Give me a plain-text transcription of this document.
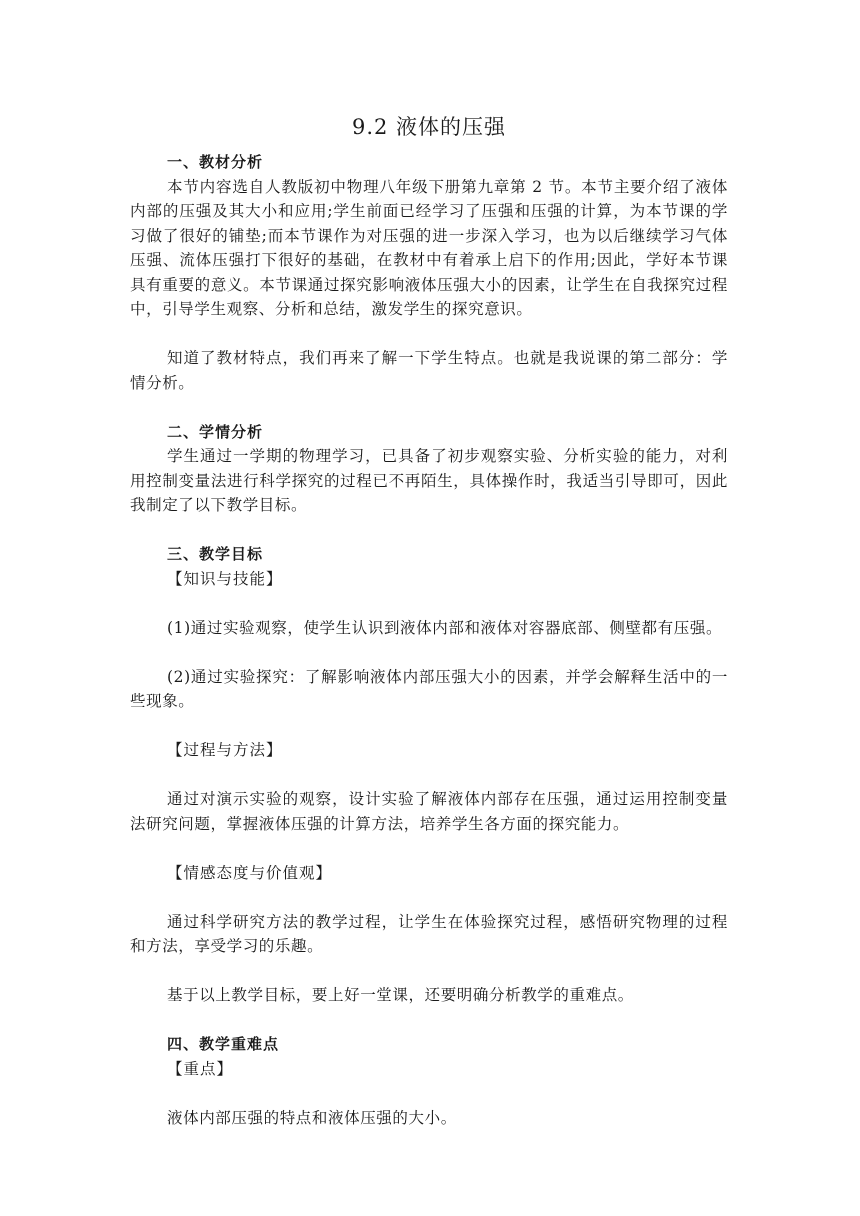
9.2 液体的压强

一、教材分析

本节内容选自人教版初中物理八年级下册第九章第 2 节。本节主要介绍了液体内部的压强及其大小和应用;学生前面已经学习了压强和压强的计算，为本节课的学习做了很好的铺垫;而本节课作为对压强的进一步深入学习，也为以后继续学习气体压强、流体压强打下很好的基础，在教材中有着承上启下的作用;因此，学好本节课具有重要的意义。本节课通过探究影响液体压强大小的因素，让学生在自我探究过程中，引导学生观察、分析和总结，激发学生的探究意识。

知道了教材特点，我们再来了解一下学生特点。也就是我说课的第二部分：学情分析。

二、学情分析

学生通过一学期的物理学习，已具备了初步观察实验、分析实验的能力，对利用控制变量法进行科学探究的过程已不再陌生，具体操作时，我适当引导即可，因此我制定了以下教学目标。

三、教学目标

【知识与技能】

(1)通过实验观察，使学生认识到液体内部和液体对容器底部、侧壁都有压强。

(2)通过实验探究：了解影响液体内部压强大小的因素，并学会解释生活中的一些现象。

【过程与方法】

通过对演示实验的观察，设计实验了解液体内部存在压强，通过运用控制变量法研究问题，掌握液体压强的计算方法，培养学生各方面的探究能力。

【情感态度与价值观】

通过科学研究方法的教学过程，让学生在体验探究过程，感悟研究物理的过程和方法，享受学习的乐趣。

基于以上教学目标，要上好一堂课，还要明确分析教学的重难点。

四、教学重难点

【重点】

液体内部压强的特点和液体压强的大小。
